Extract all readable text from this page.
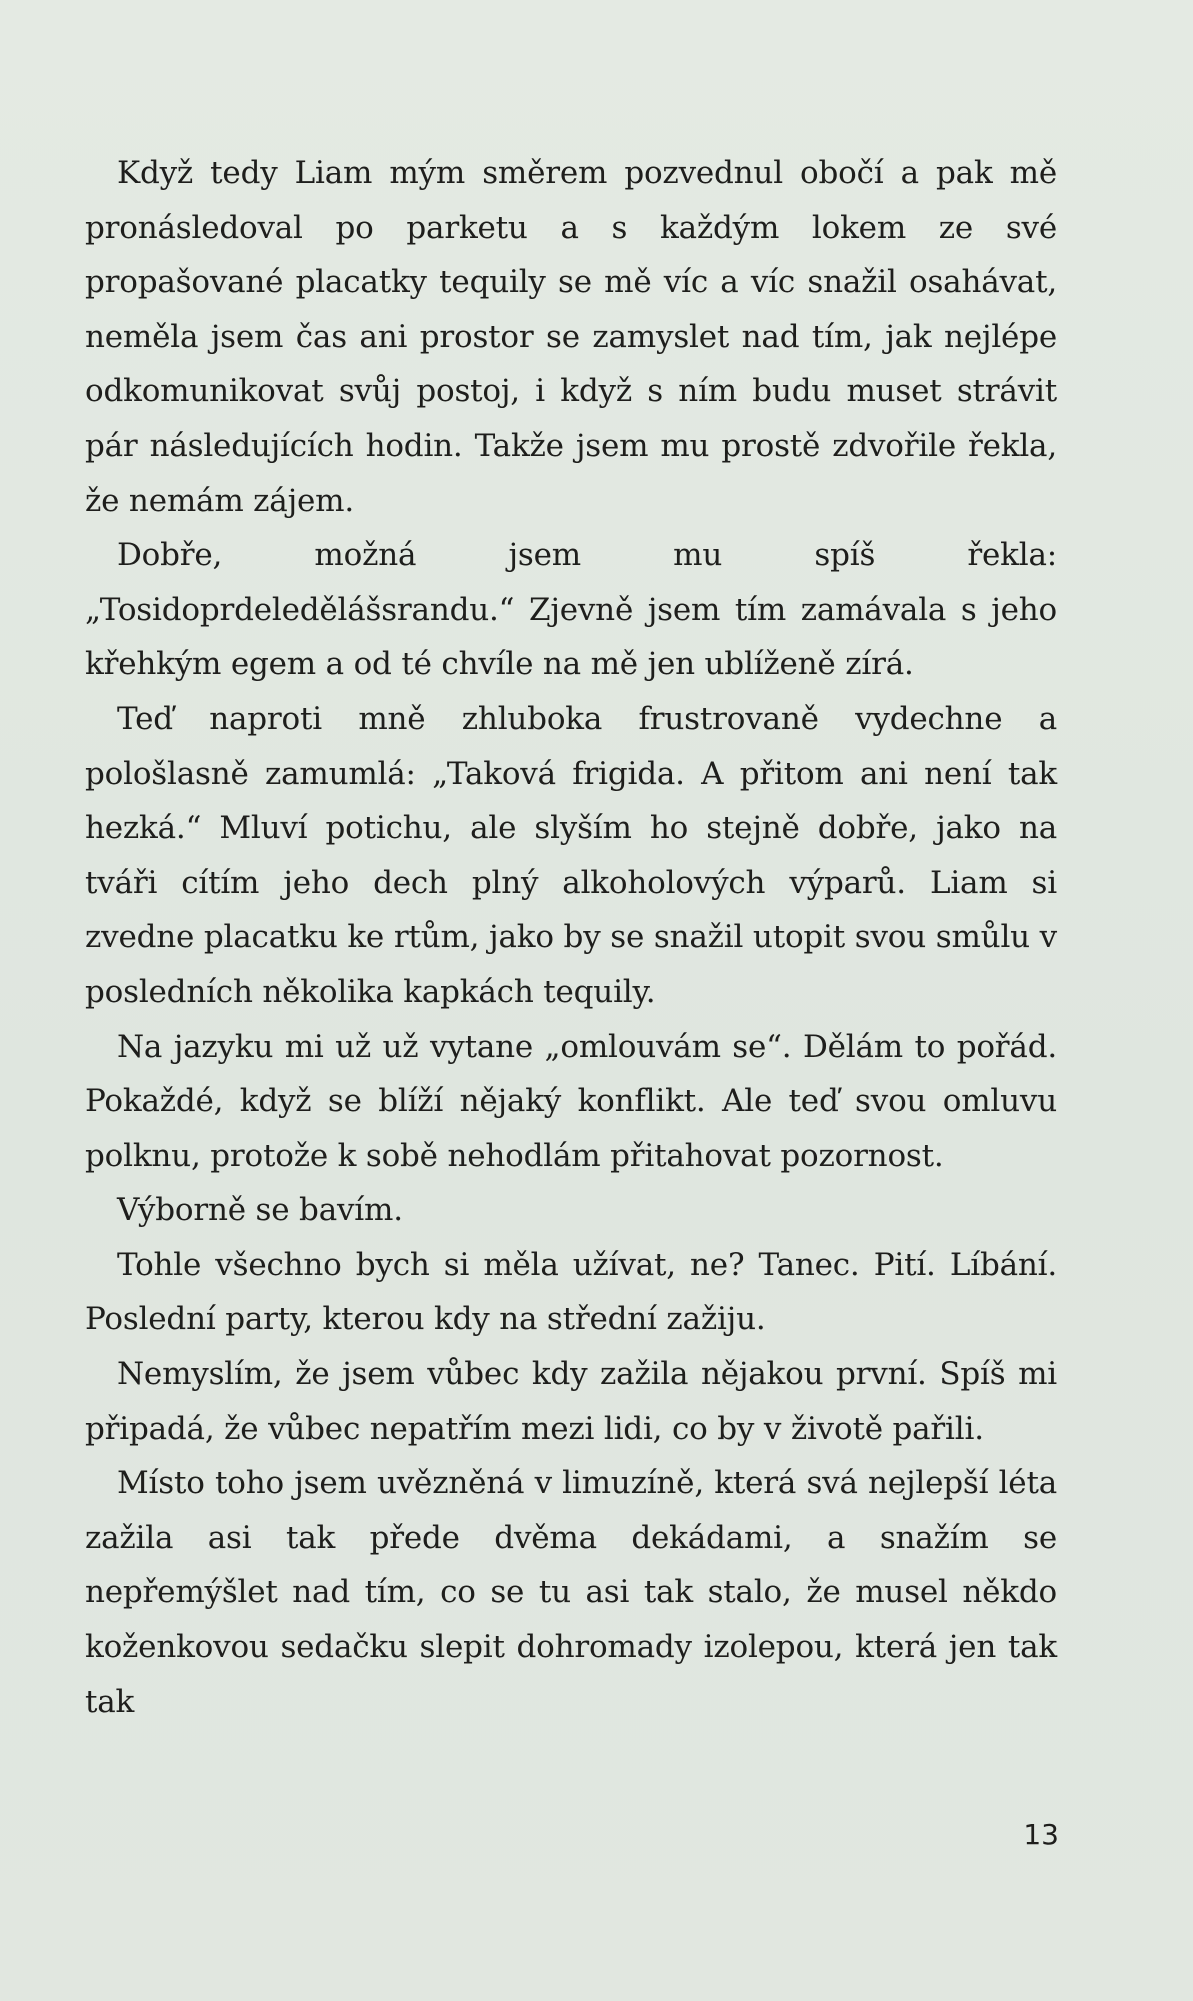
Když tedy Liam mým směrem pozvednul obočí a pak mě pronásledoval po parketu a s každým lokem ze své propašované placatky tequily se mě víc a víc snažil osahávat, neměla jsem čas ani prostor se zamyslet nad tím, jak nejlépe odkomunikovat svůj postoj, i když s ním budu muset strávit pár následujících hodin. Takže jsem mu prostě zdvořile řekla, že nemám zájem.

Dobře, možná jsem mu spíš řekla: „Tosidoprdeledělášsrandu.“ Zjevně jsem tím zamávala s jeho křehkým egem a od té chvíle na mě jen ublíženě zírá.

Teď naproti mně zhluboka frustrovaně vydechne a pološlasně zamumlá: „Taková frigida. A přitom ani není tak hezká.“ Mluví potichu, ale slyším ho stejně dobře, jako na tváři cítím jeho dech plný alkoholových výparů. Liam si zvedne placatku ke rtům, jako by se snažil utopit svou smůlu v posledních několika kapkách tequily.

Na jazyku mi už už vytane „omlouvám se“. Dělám to pořád. Pokaždé, když se blíží nějaký konflikt. Ale teď svou omluvu polknu, protože k sobě nehodlám přitahovat pozornost.

Výborně se bavím.

Tohle všechno bych si měla užívat, ne? Tanec. Pití. Líbání. Poslední party, kterou kdy na střední zažiju.

Nemyslím, že jsem vůbec kdy zažila nějakou první. Spíš mi připadá, že vůbec nepatřím mezi lidi, co by v životě pařili.

Místo toho jsem uvězněná v limuzíně, která svá nejlepší léta zažila asi tak přede dvěma dekádami, a snažím se nepřemýšlet nad tím, co se tu asi tak stalo, že musel někdo koženkovou sedačku slepit dohromady izolepou, která jen tak tak

13
